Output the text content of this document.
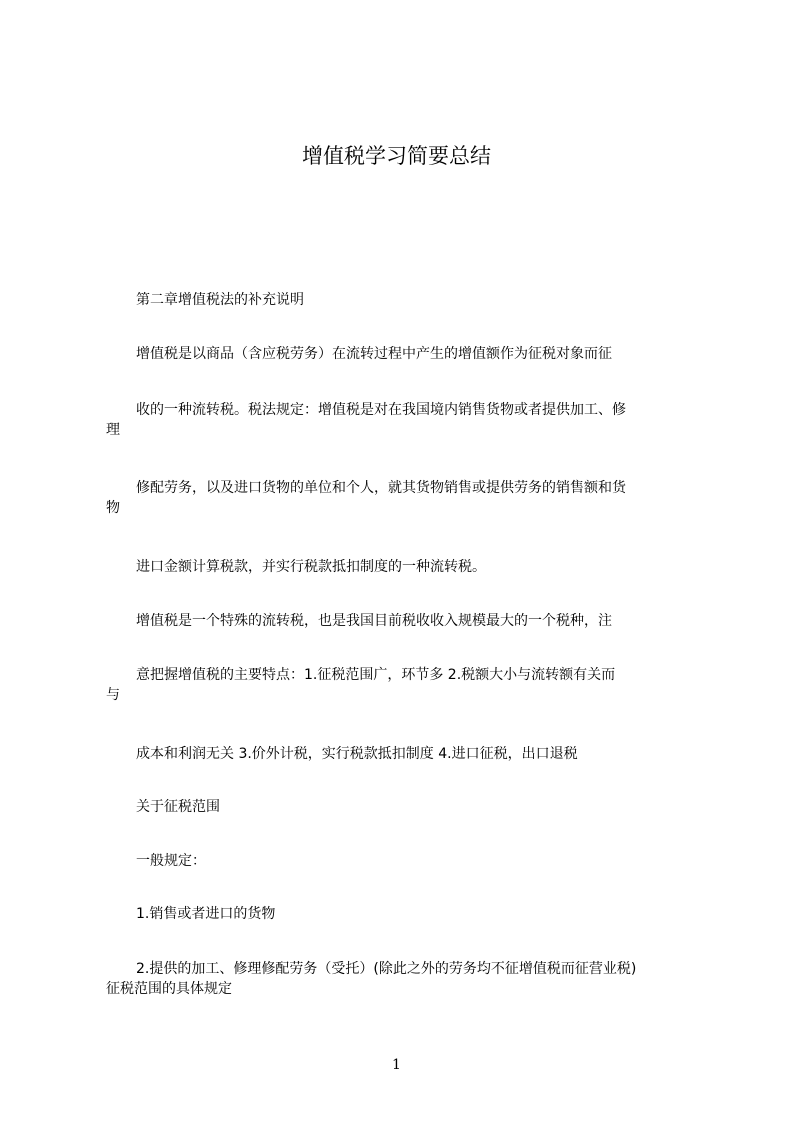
增值税学习简要总结

第二章增值税法的补充说明

增值税是以商品（含应税劳务）在流转过程中产生的增值额作为征税对象而征

收的一种流转税。税法规定：增值税是对在我国境内销售货物或者提供加工、修
理

修配劳务，以及进口货物的单位和个人，就其货物销售或提供劳务的销售额和货
物

进口金额计算税款，并实行税款抵扣制度的一种流转税。

增值税是一个特殊的流转税，也是我国目前税收收入规模最大的一个税种，注

意把握增值税的主要特点：1.征税范围广，环节多 2.税额大小与流转额有关而
与

成本和利润无关 3.价外计税，实行税款抵扣制度 4.进口征税，出口退税

关于征税范围

一般规定：

1.销售或者进口的货物

2.提供的加工、修理修配劳务（受托）(除此之外的劳务均不征增值税而征营业税)
征税范围的具体规定

1
